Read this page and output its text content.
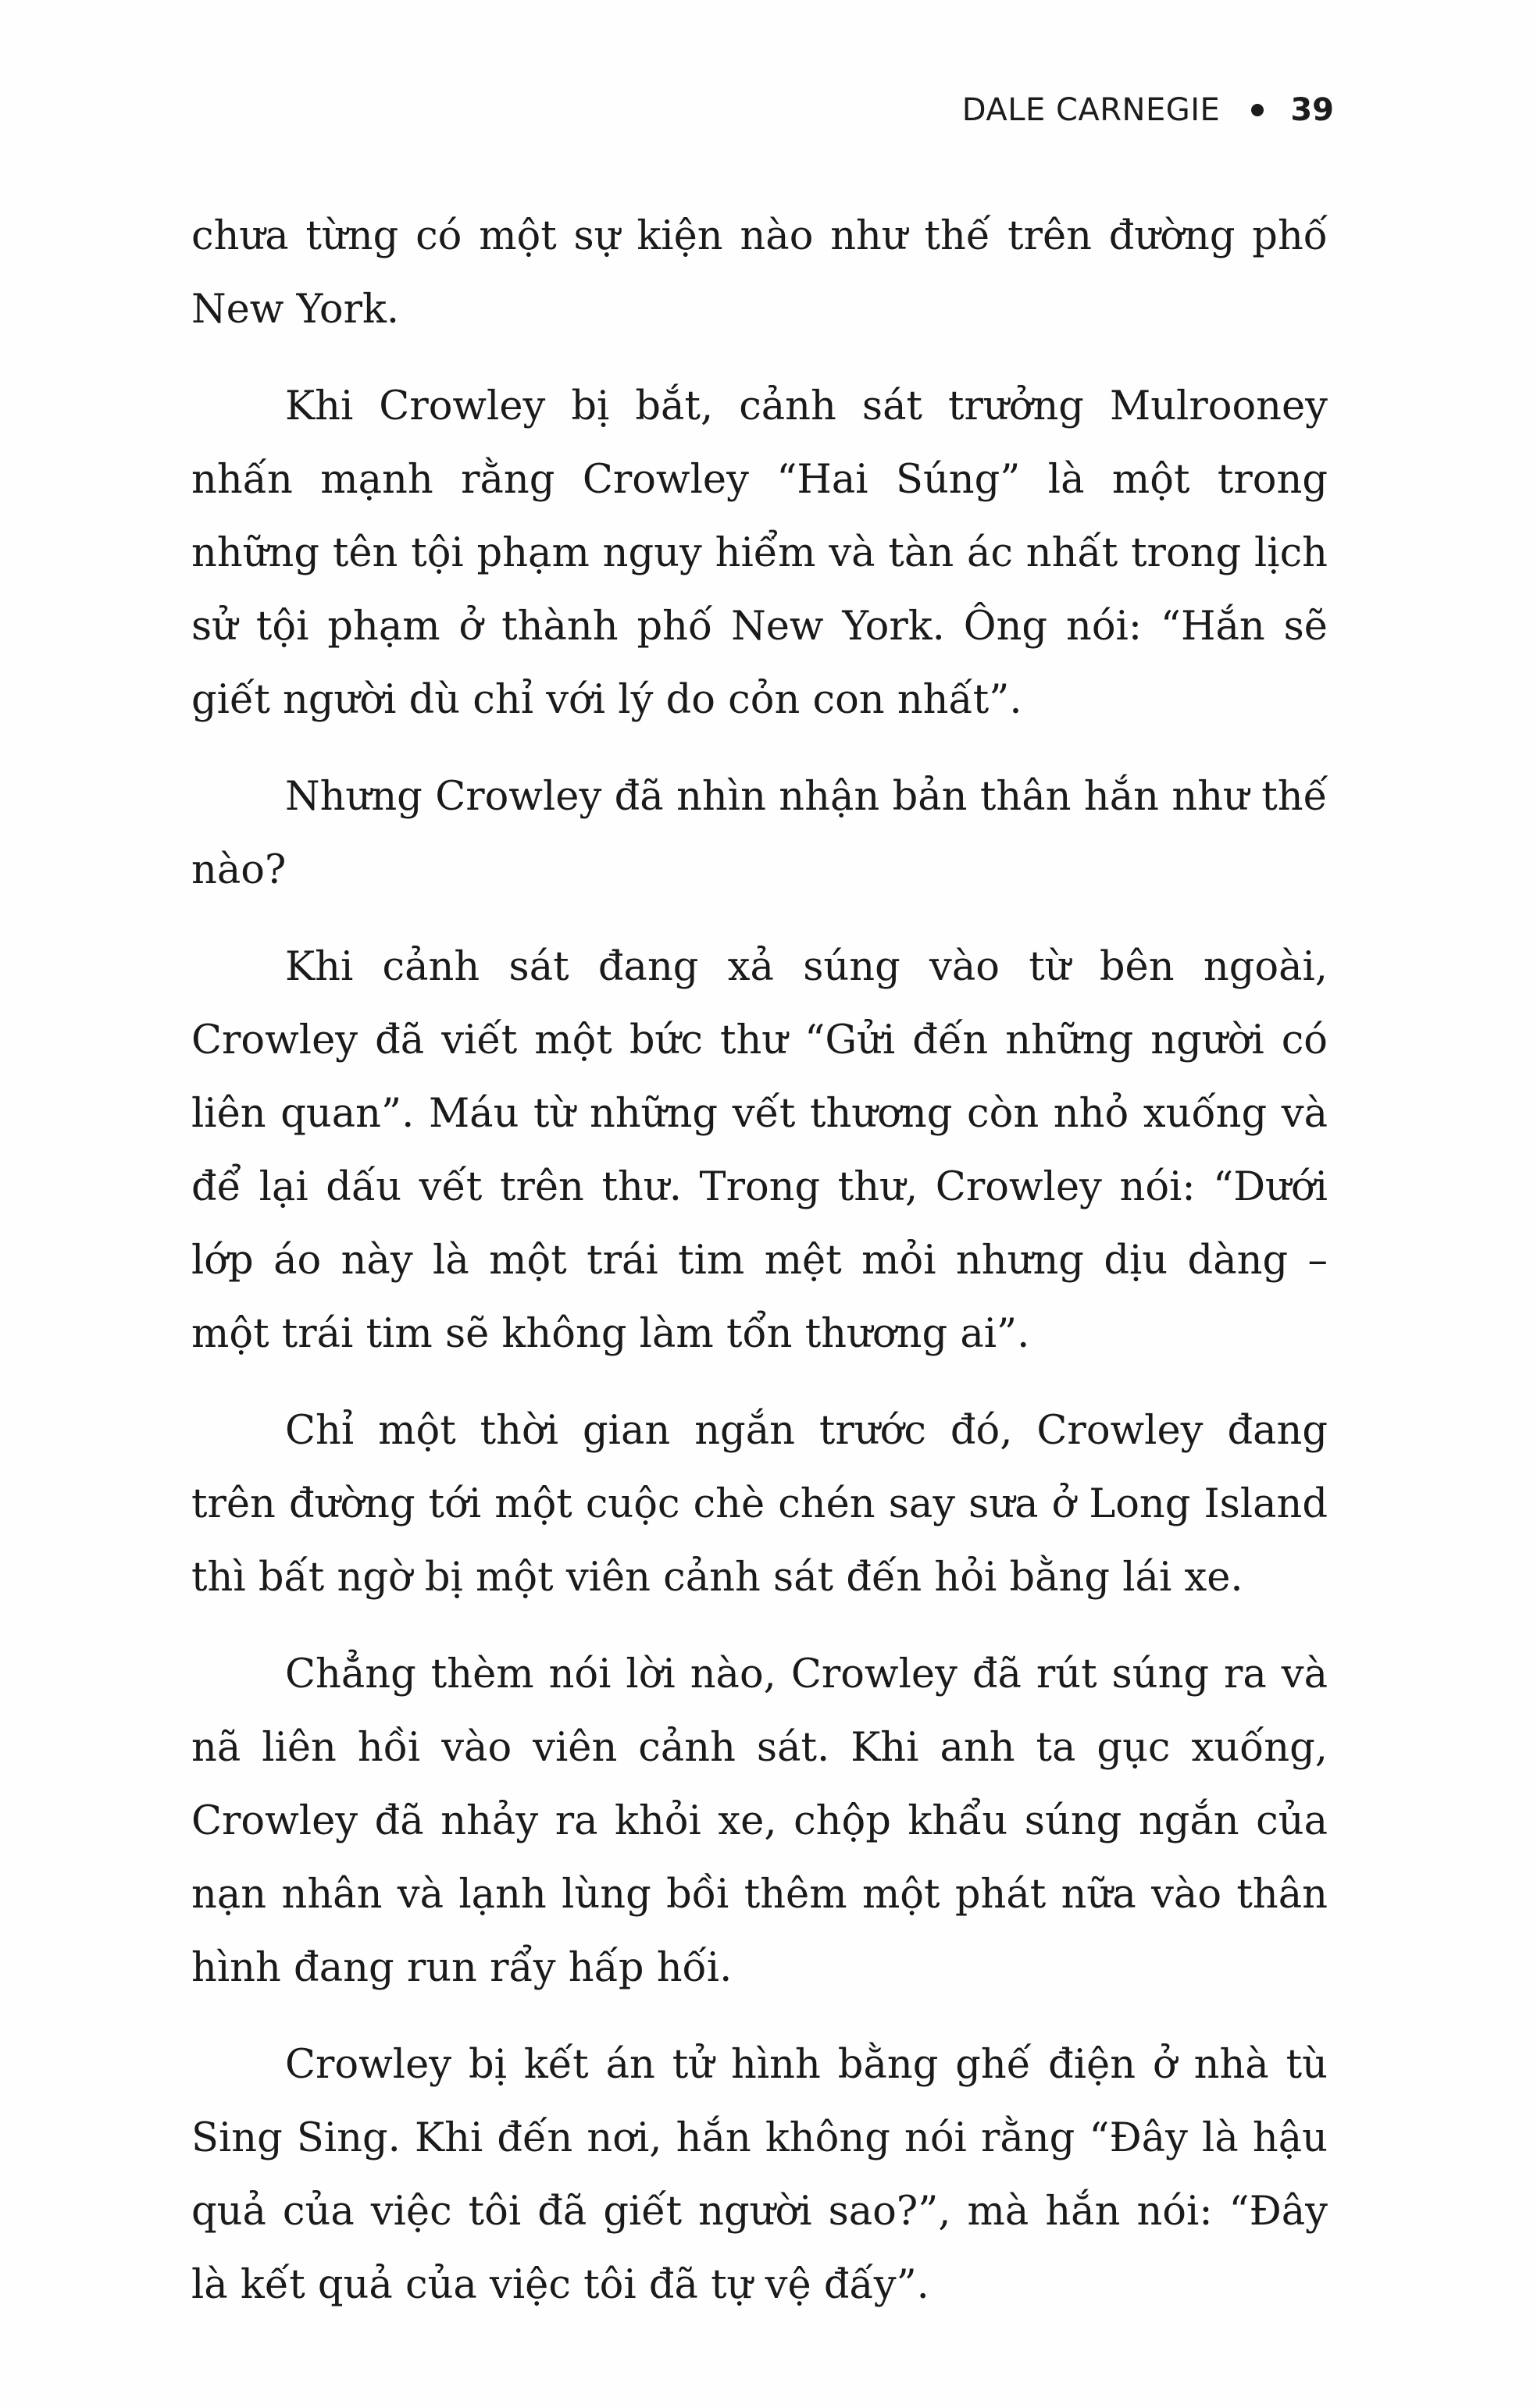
DALE CARNEGIE 39

chưa từng có một sự kiện nào như thế trên đường phố New York.

Khi Crowley bị bắt, cảnh sát trưởng Mulrooney nhấn mạnh rằng Crowley “Hai Súng” là một trong những tên tội phạm nguy hiểm và tàn ác nhất trong lịch sử tội phạm ở thành phố New York. Ông nói: “Hắn sẽ giết người dù chỉ với lý do cỏn con nhất”.

Nhưng Crowley đã nhìn nhận bản thân hắn như thế nào?

Khi cảnh sát đang xả súng vào từ bên ngoài, Crowley đã viết một bức thư “Gửi đến những người có liên quan”. Máu từ những vết thương còn nhỏ xuống và để lại dấu vết trên thư. Trong thư, Crowley nói: “Dưới lớp áo này là một trái tim mệt mỏi nhưng dịu dàng – một trái tim sẽ không làm tổn thương ai”.

Chỉ một thời gian ngắn trước đó, Crowley đang trên đường tới một cuộc chè chén say sưa ở Long Island thì bất ngờ bị một viên cảnh sát đến hỏi bằng lái xe.

Chẳng thèm nói lời nào, Crowley đã rút súng ra và nã liên hồi vào viên cảnh sát. Khi anh ta gục xuống, Crowley đã nhảy ra khỏi xe, chộp khẩu súng ngắn của nạn nhân và lạnh lùng bồi thêm một phát nữa vào thân hình đang run rẩy hấp hối.

Crowley bị kết án tử hình bằng ghế điện ở nhà tù Sing Sing. Khi đến nơi, hắn không nói rằng “Đây là hậu quả của việc tôi đã giết người sao?”, mà hắn nói: “Đây là kết quả của việc tôi đã tự vệ đấy”.
